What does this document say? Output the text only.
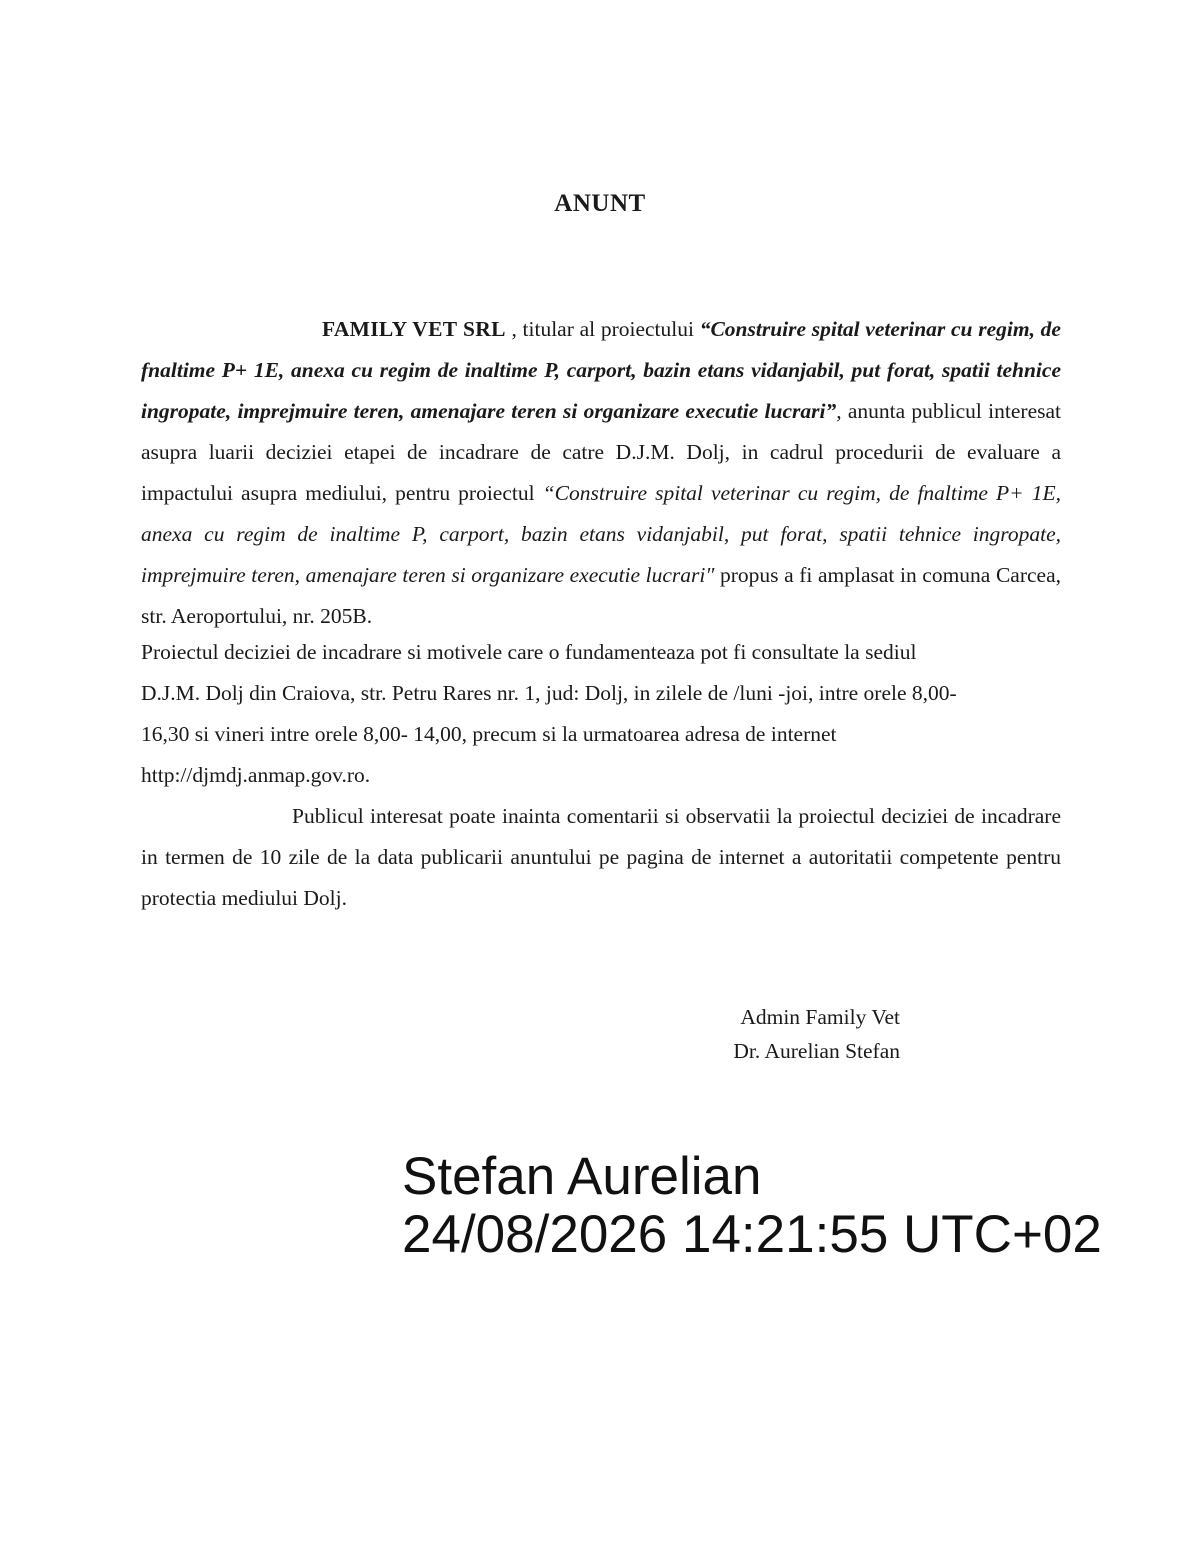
ANUNT
FAMILY VET SRL , titular al proiectului “Construire spital veterinar cu regim, de fnaltime P+ 1E, anexa cu regim de inaltime P, carport, bazin etans vidanjabil, put forat, spatii tehnice ingropate, imprejmuire teren, amenajare teren si organizare executie lucrari”, anunta publicul interesat asupra luarii deciziei etapei de incadrare de catre D.J.M. Dolj, in cadrul procedurii de evaluare a impactului asupra mediului, pentru proiectul “Construire spital veterinar cu regim, de fnaltime P+ 1E, anexa cu regim de inaltime P, carport, bazin etans vidanjabil, put forat, spatii tehnice ingropate, imprejmuire teren, amenajare teren si organizare executie lucrari" propus a fi amplasat in comuna Carcea, str. Aeroportului, nr. 205B.
Proiectul deciziei de incadrare si motivele care o fundamenteaza pot fi consultate la sediul
D.J.M. Dolj din Craiova, str. Petru Rares nr. 1, jud: Dolj, in zilele de /luni -joi, intre orele 8,00-
16,30 si vineri intre orele 8,00- 14,00, precum si la urmatoarea adresa de internet
http://djmdj.anmap.gov.ro.
Publicul interesat poate inainta comentarii si observatii la proiectul deciziei de incadrare in termen de 10 zile de la data publicarii anuntului pe pagina de internet a autoritatii competente pentru protectia mediului Dolj.
Admin Family Vet
Dr. Aurelian Stefan
Stefan Aurelian
24/08/2026 14:21:55 UTC+02
